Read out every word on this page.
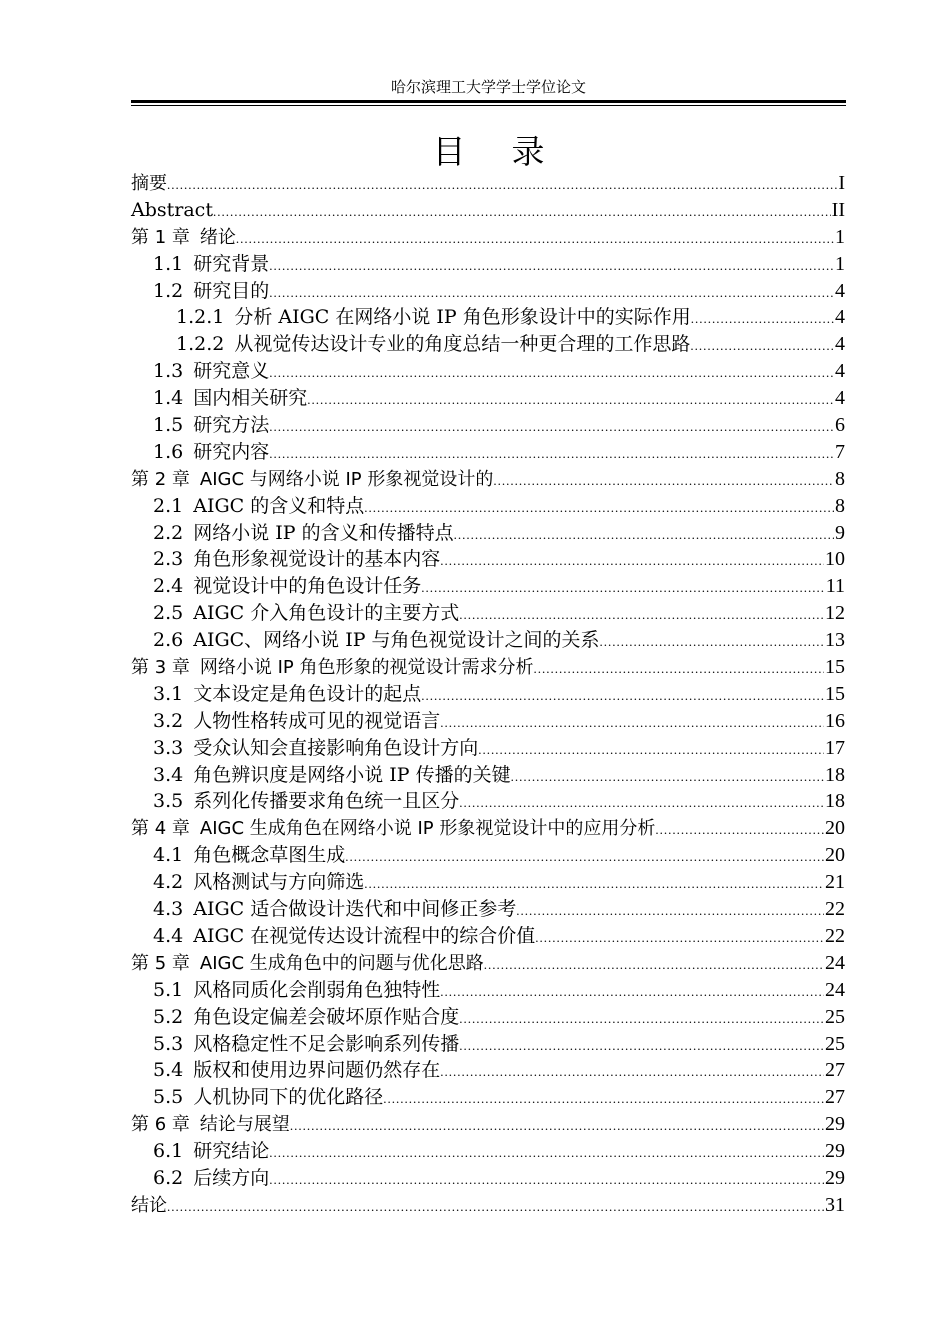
哈尔滨理工大学学士学位论文
目 录
摘要 .....	I
Abstract .....	II
第 1 章 绪论 .....	1
1.1 研究背景 .....	1
1.2 研究目的 .....	4
1.2.1 分析 AIGC 在网络小说 IP 角色形象设计中的实际作用 .....	4
1.2.2 从视觉传达设计专业的角度总结一种更合理的工作思路 .....	4
1.3 研究意义 .....	4
1.4 国内相关研究 .....	4
1.5 研究方法 .....	6
1.6 研究内容 .....	7
第 2 章 AIGC 与网络小说 IP 形象视觉设计的 .....	8
2.1 AIGC 的含义和特点 .....	8
2.2 网络小说 IP 的含义和传播特点 .....	9
2.3 角色形象视觉设计的基本内容 .....	10
2.4 视觉设计中的角色设计任务 .....	11
2.5 AIGC 介入角色设计的主要方式 .....	12
2.6 AIGC、网络小说 IP 与角色视觉设计之间的关系 .....	13
第 3 章 网络小说 IP 角色形象的视觉设计需求分析 .....	15
3.1 文本设定是角色设计的起点 .....	15
3.2 人物性格转成可见的视觉语言 .....	16
3.3 受众认知会直接影响角色设计方向 .....	17
3.4 角色辨识度是网络小说 IP 传播的关键 .....	18
3.5 系列化传播要求角色统一且区分 .....	18
第 4 章 AIGC 生成角色在网络小说 IP 形象视觉设计中的应用分析 .....	20
4.1 角色概念草图生成 .....	20
4.2 风格测试与方向筛选 .....	21
4.3 AIGC 适合做设计迭代和中间修正参考 .....	22
4.4 AIGC 在视觉传达设计流程中的综合价值 .....	22
第 5 章 AIGC 生成角色中的问题与优化思路 .....	24
5.1 风格同质化会削弱角色独特性 .....	24
5.2 角色设定偏差会破坏原作贴合度 .....	25
5.3 风格稳定性不足会影响系列传播 .....	25
5.4 版权和使用边界问题仍然存在 .....	27
5.5 人机协同下的优化路径 .....	27
第 6 章 结论与展望 .....	29
6.1 研究结论 .....	29
6.2 后续方向 .....	29
结论 .....	31
